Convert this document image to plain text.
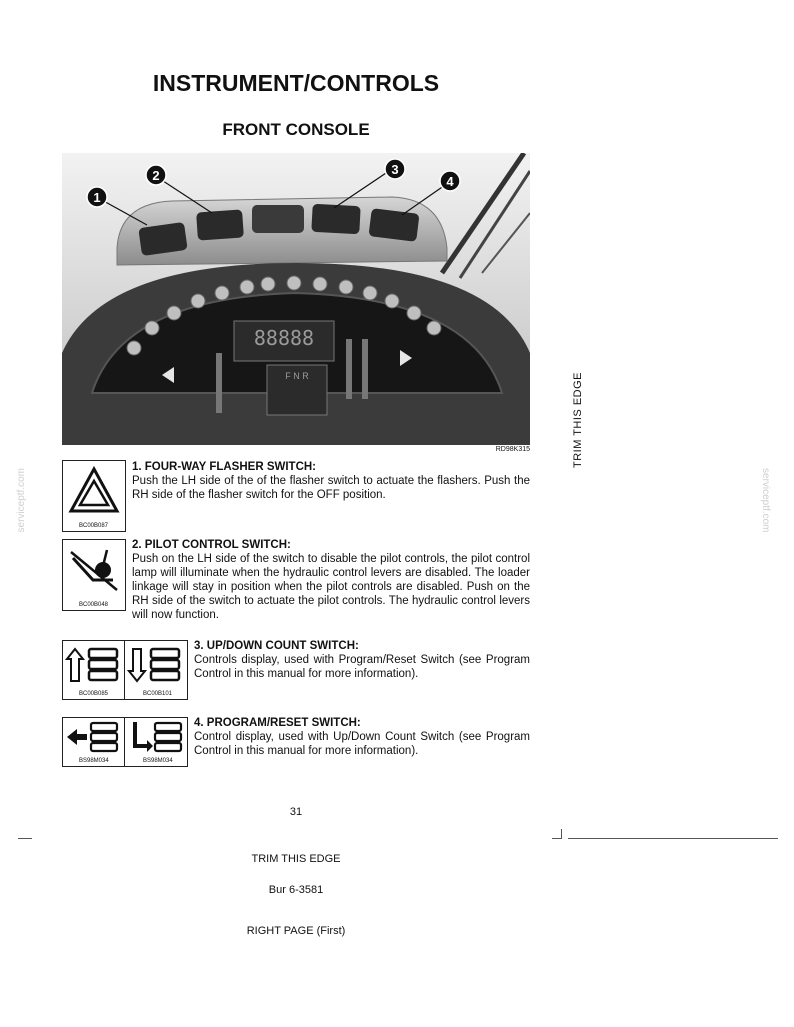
INSTRUMENT/CONTROLS
FRONT CONSOLE
88888
F N R
1
2	3
4
RD98K315	TRIM THIS EDGE
serviceptf.com	serviceptf.com
BC00B087
1. FOUR-WAY FLASHER SWITCH:
Push the LH side of the of the flasher switch to actuate the flashers. Push the RH side of the flasher switch for the OFF position.
BC00B048
2. PILOT CONTROL SWITCH:
Push on the LH side of the switch to disable the pilot controls, the pilot control lamp will illuminate when the hydraulic control levers are disabled. The loader linkage will stay in position when the pilot controls are disabled. Push on the RH side of the switch to actuate the pilot controls. The hydraulic control levers will now function.
BC00B085	BC00B101
3. UP/DOWN COUNT SWITCH:
Controls display, used with Program/Reset Switch (see Program Control in this manual for more information).
BS98M034	BS98M034
4. PROGRAM/RESET SWITCH:
Control display, used with Up/Down Count Switch (see Program Control in this manual for more information).
31
TRIM THIS EDGE
Bur 6-3581
RIGHT PAGE (First)
